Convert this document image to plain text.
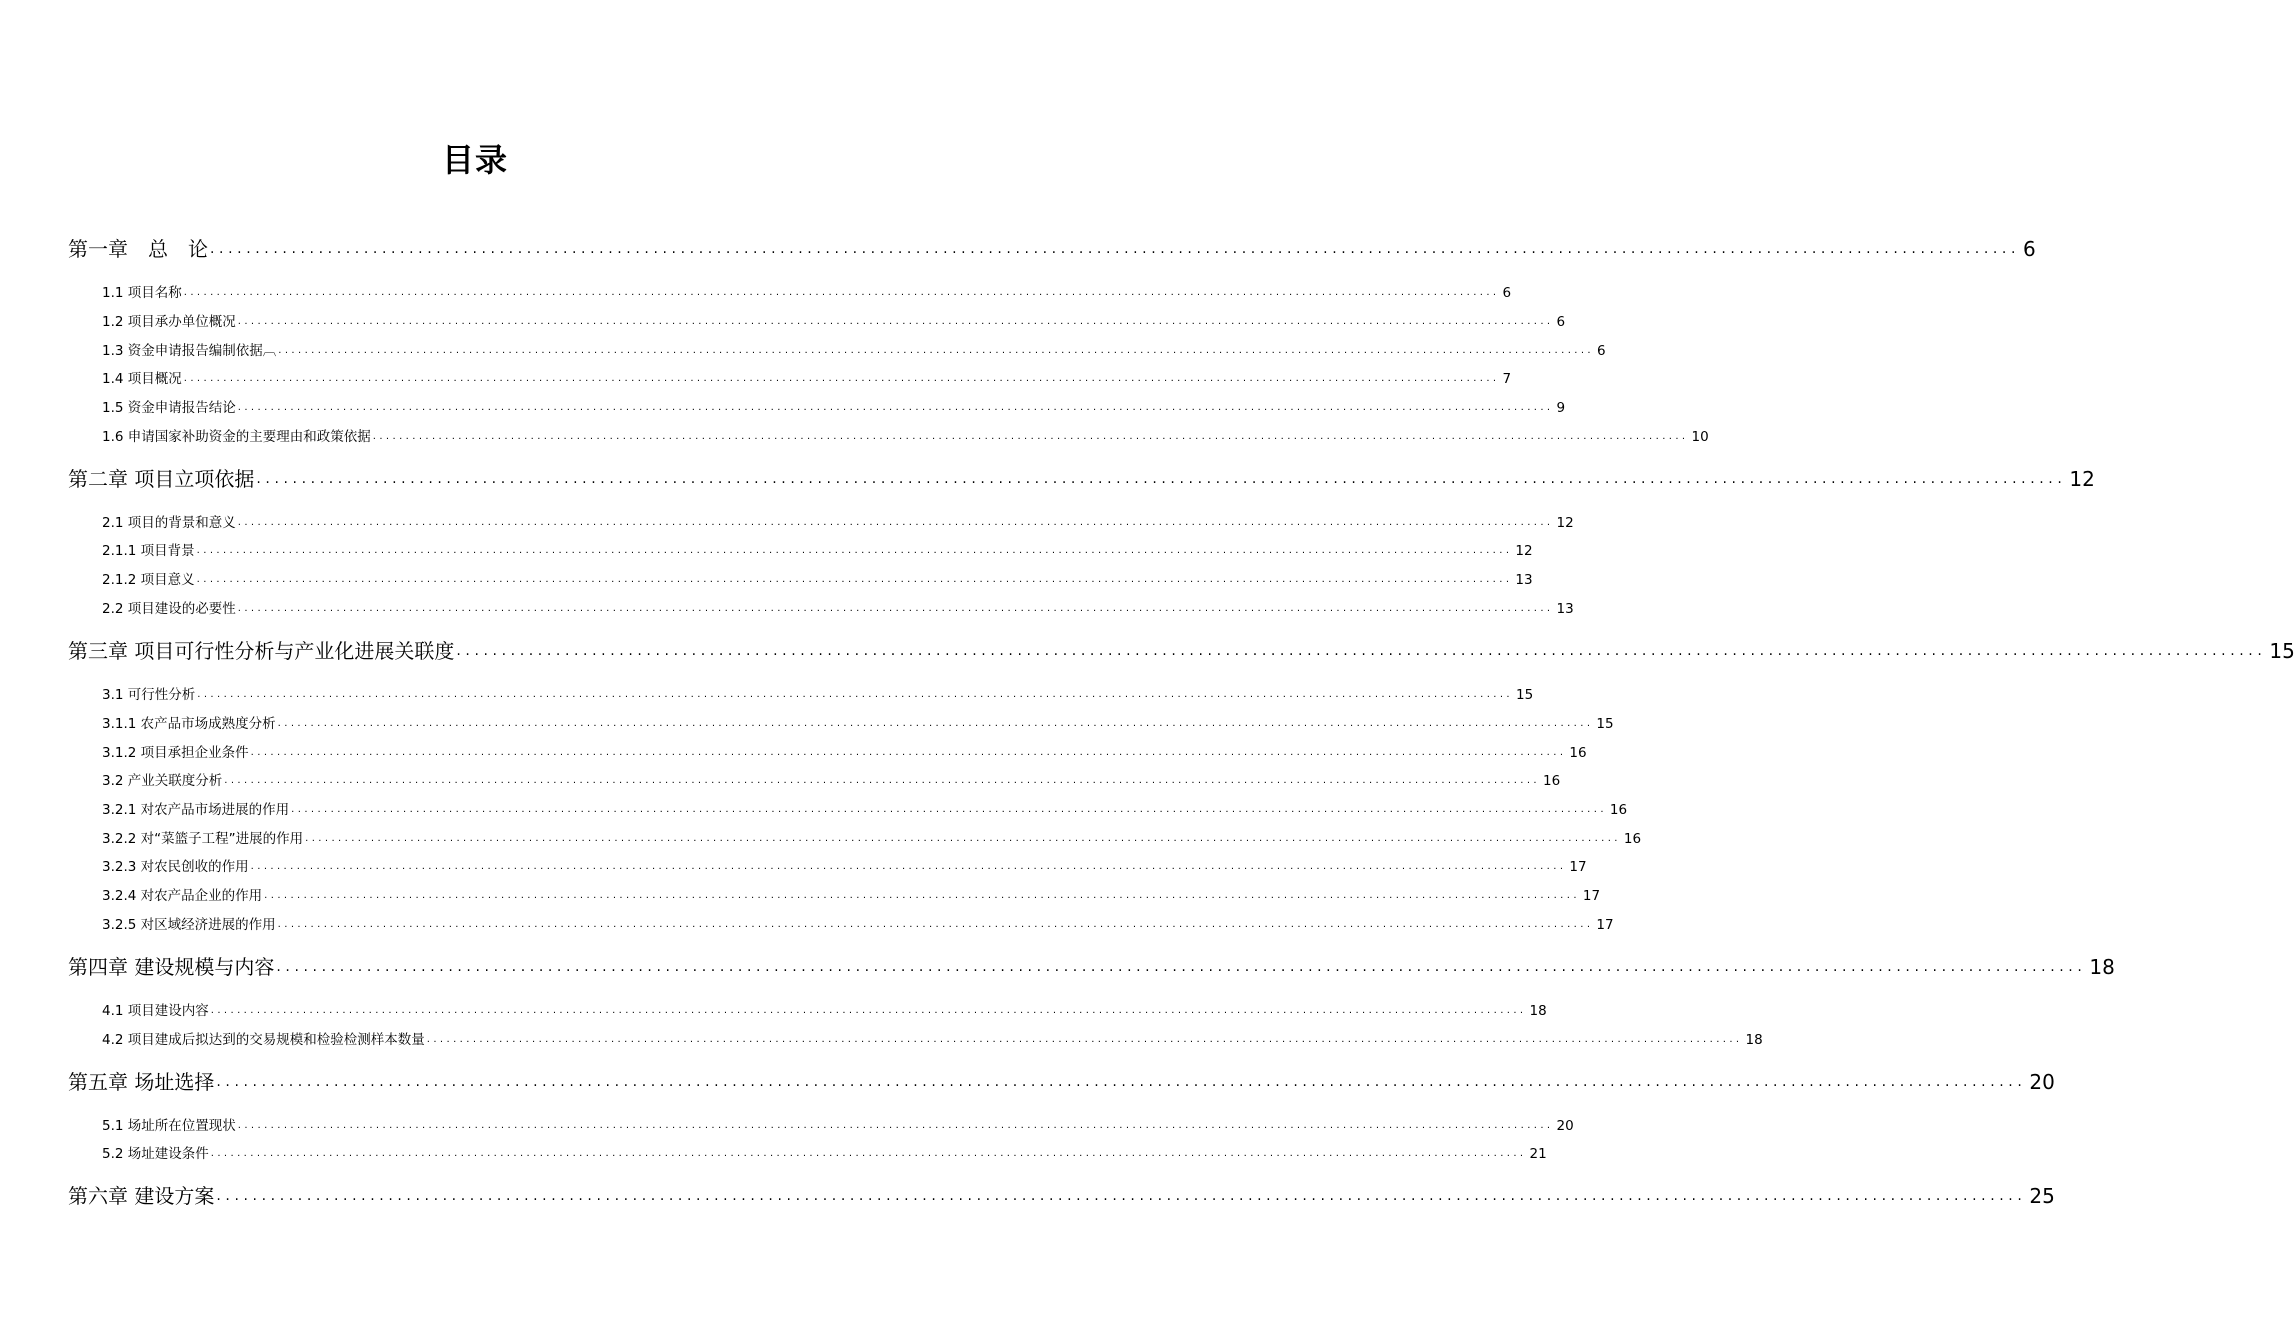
目录
第一章　总　论 ........................................................................................................................................................................................................ 6
1.1 项目名称 ........................................................................................................................................................................................................ 6
1.2 项目承办单位概况 ........................................................................................................................................................................................................ 6
1.3 资金申请报告编制依据︹ ........................................................................................................................................................................................................ 6
1.4 项目概况 ........................................................................................................................................................................................................ 7
1.5 资金申请报告结论 ........................................................................................................................................................................................................ 9
1.6 申请国家补助资金的主要理由和政策依据 ........................................................................................................................................................................................................ 10
第二章 项目立项依据 ........................................................................................................................................................................................................ 12
2.1 项目的背景和意义 ........................................................................................................................................................................................................ 12
2.1.1 项目背景 ........................................................................................................................................................................................................ 12
2.1.2 项目意义 ........................................................................................................................................................................................................ 13
2.2 项目建设的必要性 ........................................................................................................................................................................................................ 13
第三章 项目可行性分析与产业化进展关联度 ........................................................................................................................................................................................................ 15
3.1 可行性分析 ........................................................................................................................................................................................................ 15
3.1.1 农产品市场成熟度分析 ........................................................................................................................................................................................................ 15
3.1.2 项目承担企业条件 ........................................................................................................................................................................................................ 16
3.2 产业关联度分析 ........................................................................................................................................................................................................ 16
3.2.1 对农产品市场进展的作用 ........................................................................................................................................................................................................ 16
3.2.2 对“菜篮子工程”进展的作用 ........................................................................................................................................................................................................ 16
3.2.3 对农民创收的作用 ........................................................................................................................................................................................................ 17
3.2.4 对农产品企业的作用 ........................................................................................................................................................................................................ 17
3.2.5 对区域经济进展的作用 ........................................................................................................................................................................................................ 17
第四章 建设规模与内容 ........................................................................................................................................................................................................ 18
4.1 项目建设内容 ........................................................................................................................................................................................................ 18
4.2 项目建成后拟达到的交易规模和检验检测样本数量 ........................................................................................................................................................................................................ 18
第五章 场址选择 ........................................................................................................................................................................................................ 20
5.1 场址所在位置现状 ........................................................................................................................................................................................................ 20
5.2 场址建设条件 ........................................................................................................................................................................................................ 21
第六章 建设方案 ........................................................................................................................................................................................................ 25
